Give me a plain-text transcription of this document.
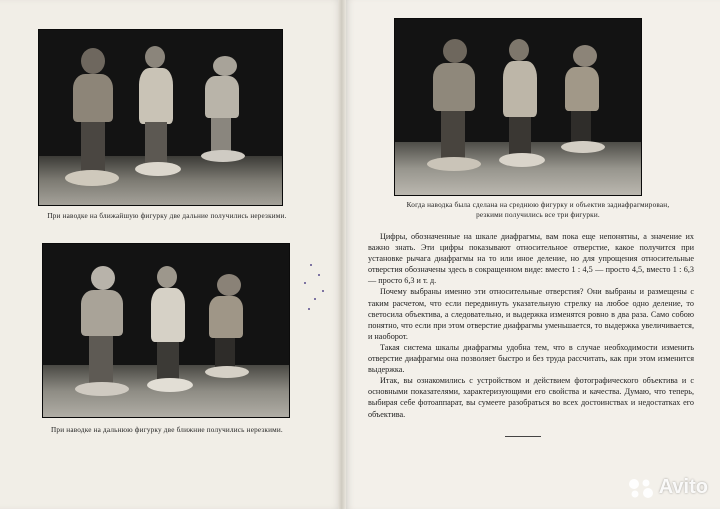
При наводке на ближайшую фигурку две дальние получились нерезкими.
При наводке на дальнюю фигурку две ближние получились нерезкими.
Когда наводка была сделана на среднюю фигурку и объектив задиафрагмирован,
резкими получились все три фигурки.

Цифры, обозначенные на шкале диафрагмы, вам пока еще непонятны, а значение их важно знать. Эти цифры показывают относительное отверстие, какое получится при установке рычага диафрагмы на то или иное деление, но для упрощения относительные отверстия обозначены здесь в сокращенном виде: вместо 1 : 4,5 — просто 4,5, вместо 1 : 6,3 — просто 6,3 и т. д.

Почему выбраны именно эти относительные отверстия? Они выбраны и размещены с таким расчетом, что если передвинуть указательную стрелку на любое одно деление, то светосила объектива, а следовательно, и выдержка изменятся ровно в два раза. Само собою понятно, что если при этом отверстие диафрагмы уменьшается, то выдержка увеличивается, и наоборот.

Такая система шкалы диафрагмы удобна тем, что в случае необходимости изменить отверстие диафрагмы она позволяет быстро и без труда рассчитать, как при этом изменится выдержка.

Итак, вы ознакомились с устройством и действием фотографического объектива и с основными показателями, характеризующими его свойства и качества. Думаю, что теперь, выбирая себе фотоаппарат, вы сумеете разобраться во всех достоинствах и недостатках его объектива.

Avito
